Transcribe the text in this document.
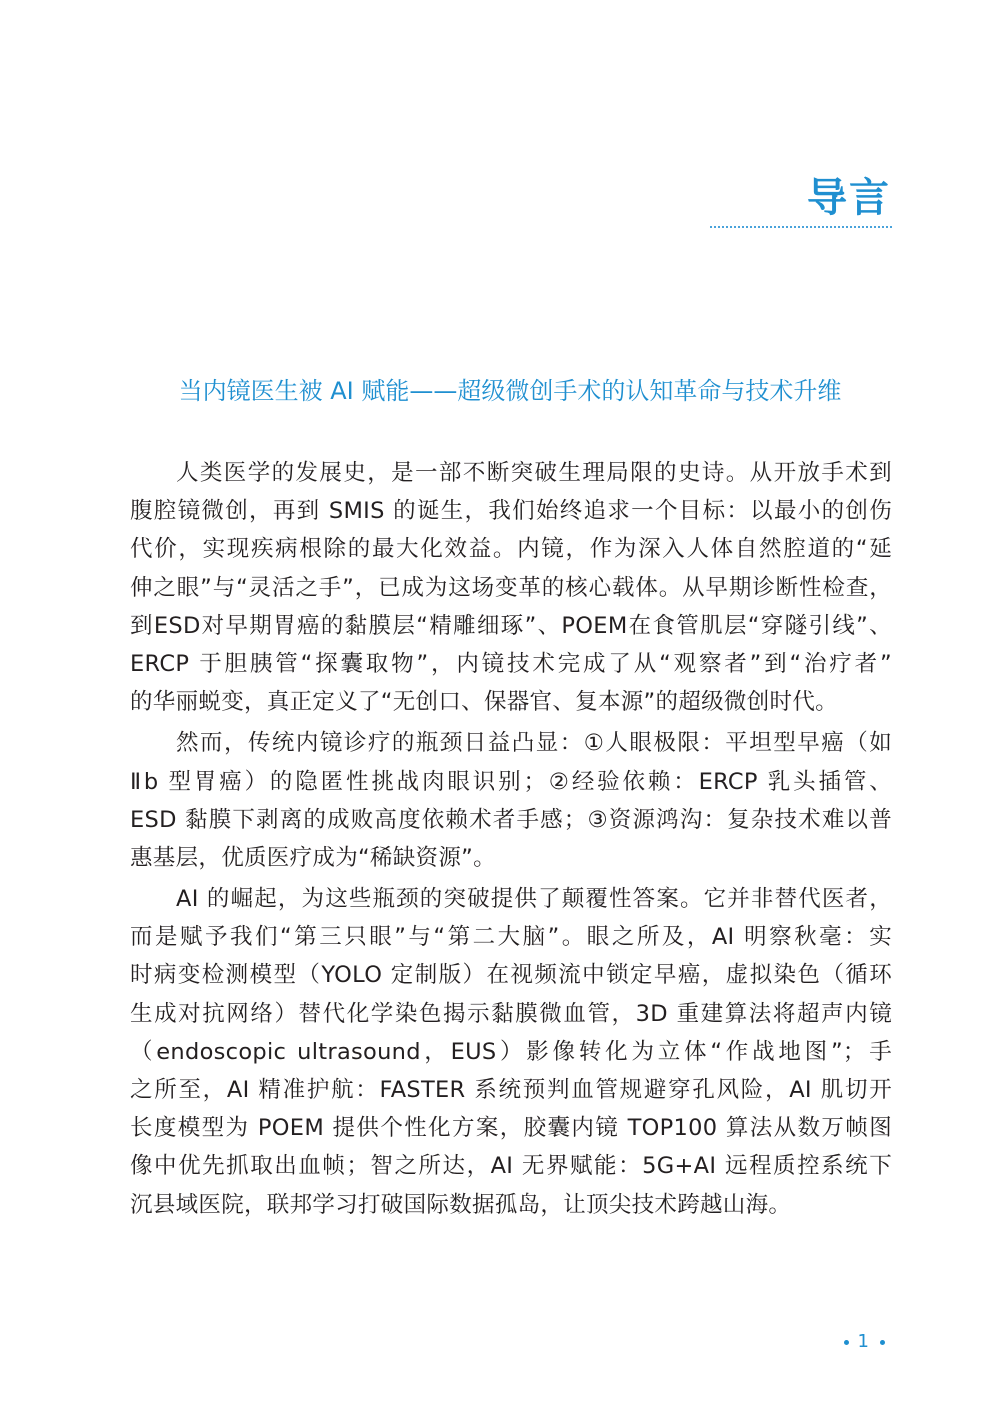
导言
当内镜医生被 AI 赋能——超级微创手术的认知革命与技术升维
人类医学的发展史，是一部不断突破生理局限的史诗。从开放手术到
腹腔镜微创，再到 SMIS 的诞生，我们始终追求一个目标：以最小的创伤
代价，实现疾病根除的最大化效益。内镜，作为深入人体自然腔道的“延
伸之眼”与“灵活之手”，已成为这场变革的核心载体。从早期诊断性检查，
到ESD对早期胃癌的黏膜层“精雕细琢”、POEM在食管肌层“穿隧引线”、
ERCP 于胆胰管“探囊取物”，内镜技术完成了从“观察者”到“治疗者”
的华丽蜕变，真正定义了“无创口、保器官、复本源”的超级微创时代。
然而，传统内镜诊疗的瓶颈日益凸显：①人眼极限：平坦型早癌（如
Ⅱb 型胃癌）的隐匿性挑战肉眼识别；②经验依赖：ERCP 乳头插管、
ESD 黏膜下剥离的成败高度依赖术者手感；③资源鸿沟：复杂技术难以普
惠基层，优质医疗成为“稀缺资源”。
AI 的崛起，为这些瓶颈的突破提供了颠覆性答案。它并非替代医者，
而是赋予我们“第三只眼”与“第二大脑”。眼之所及，AI 明察秋毫：实
时病变检测模型（YOLO 定制版）在视频流中锁定早癌，虚拟染色（循环
生成对抗网络）替代化学染色揭示黏膜微血管，3D 重建算法将超声内镜
（endoscopic ultrasound，EUS）影像转化为立体“作战地图”；手
之所至，AI 精准护航：FASTER 系统预判血管规避穿孔风险，AI 肌切开
长度模型为 POEM 提供个性化方案，胶囊内镜 TOP100 算法从数万帧图
像中优先抓取出血帧；智之所达，AI 无界赋能：5G+AI 远程质控系统下
沉县域医院，联邦学习打破国际数据孤岛，让顶尖技术跨越山海。
1
